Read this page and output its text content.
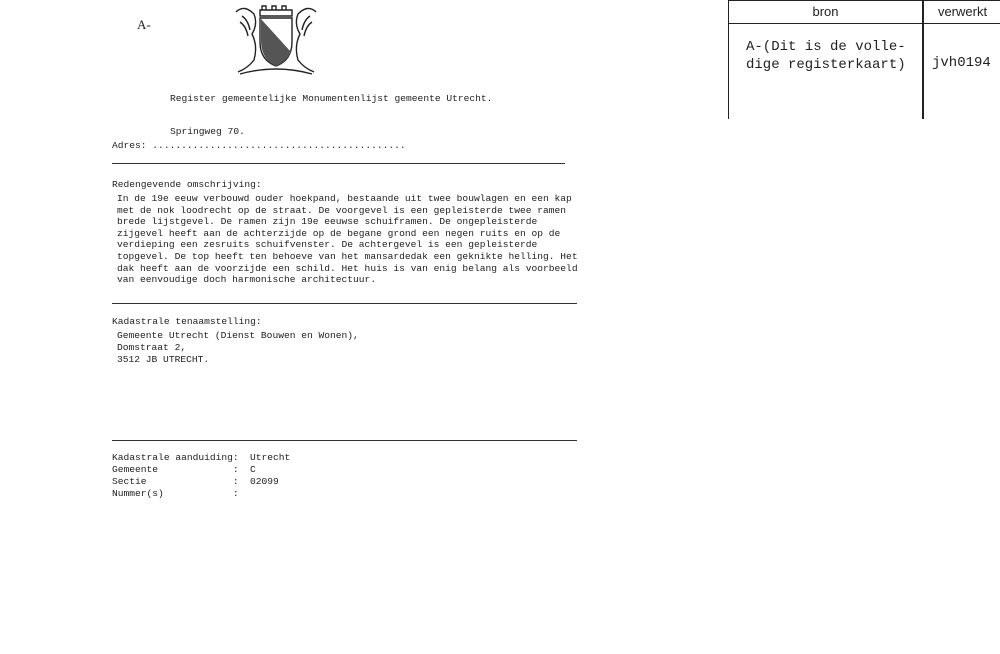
A-
Register gemeentelijke Monumentenlijst gemeente Utrecht.
Springweg 70.
Adres: ............................................
Redengevende omschrijving:
In de 19e eeuw verbouwd ouder hoekpand, bestaande uit twee bouwlagen en een kap
met de nok loodrecht op de straat. De voorgevel is een gepleisterde twee ramen
brede lijstgevel. De ramen zijn 19e eeuwse schuiframen. De ongepleisterde
zijgevel heeft aan de achterzijde op de begane grond een negen ruits en op de
verdieping een zesruits schuifvenster. De achtergevel is een gepleisterde
topgevel. De top heeft ten behoeve van het mansardedak een geknikte helling. Het
dak heeft aan de voorzijde een schild. Het huis is van enig belang als voorbeeld
van eenvoudige doch harmonische architectuur.
Kadastrale tenaamstelling:
Gemeente Utrecht (Dienst Bouwen en Wonen),
Domstraat 2,
3512 JB UTRECHT.
Kadastrale aanduiding: Utrecht
Gemeente             : C
Sectie               : 02099
Nummer(s)            :
bron	verwerkt
A-(Dit is de volle-
dige registerkaart) jvh0194
